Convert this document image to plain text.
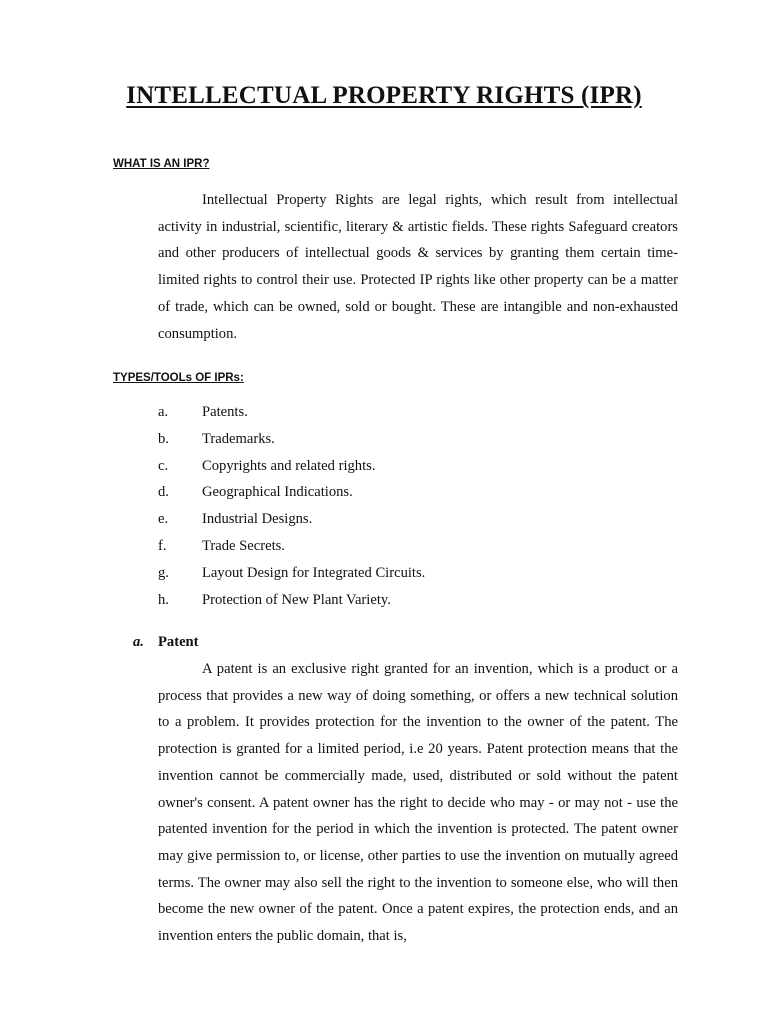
INTELLECTUAL PROPERTY RIGHTS (IPR)
WHAT IS AN IPR?

Intellectual Property Rights are legal rights, which result from intellectual activity in industrial, scientific, literary & artistic fields. These rights Safeguard creators and other producers of intellectual goods & services by granting them certain time-limited rights to control their use. Protected IP rights like other property can be a matter of trade, which can be owned, sold or bought. These are intangible and non-exhausted consumption.

TYPES/TOOLs OF IPRs:
a. Patents.
b. Trademarks.
c. Copyrights and related rights.
d. Geographical Indications.
e. Industrial Designs.
f. Trade Secrets.
g. Layout Design for Integrated Circuits.
h. Protection of New Plant Variety.
a. Patent

A patent is an exclusive right granted for an invention, which is a product or a process that provides a new way of doing something, or offers a new technical solution to a problem. It provides protection for the invention to the owner of the patent. The protection is granted for a limited period, i.e 20 years. Patent protection means that the invention cannot be commercially made, used, distributed or sold without the patent owner's consent. A patent owner has the right to decide who may - or may not - use the patented invention for the period in which the invention is protected. The patent owner may give permission to, or license, other parties to use the invention on mutually agreed terms. The owner may also sell the right to the invention to someone else, who will then become the new owner of the patent. Once a patent expires, the protection ends, and an invention enters the public domain, that is,
